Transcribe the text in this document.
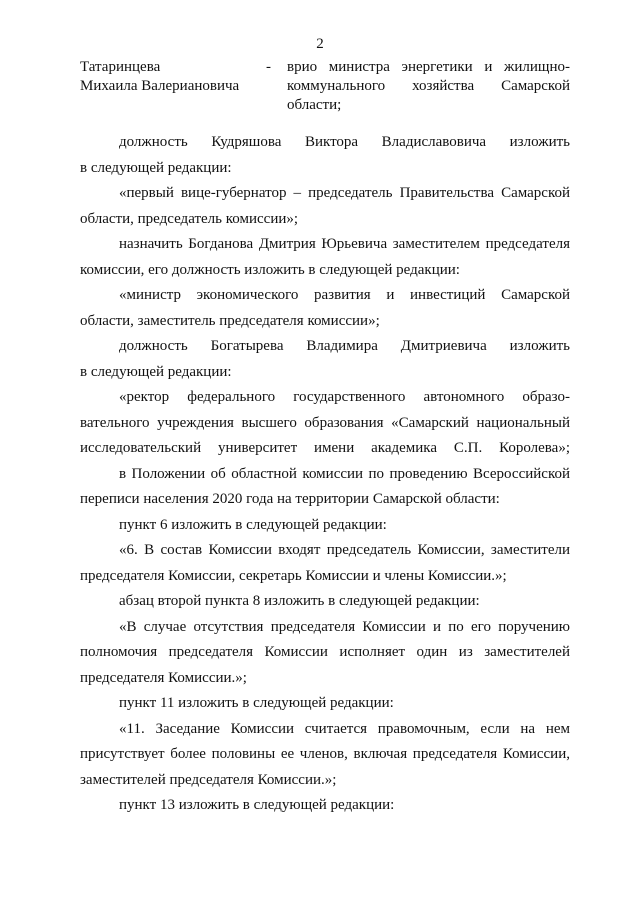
2
Татаринцева
Михаила Валериановича
- врио министра энергетики и жилищно-
коммунального хозяйства Самарской
области;

должность Кудряшова Виктора Владиславовича изложить

в следующей редакции:

«первый вице-губернатор – председатель Правительства Самарской

области, председатель комиссии»;

назначить Богданова Дмитрия Юрьевича заместителем председателя

комиссии, его должность изложить в следующей редакции:

«министр экономического развития и инвестиций Самарской

области, заместитель председателя комиссии»;

должность Богатырева Владимира Дмитриевича изложить

в следующей редакции:

«ректор федерального государственного автономного образо-

вательного учреждения высшего образования «Самарский национальный

исследовательский университет имени академика С.П. Королева»;

в Положении об областной комиссии по проведению Всероссийской

переписи населения 2020 года на территории Самарской области:

пункт 6 изложить в следующей редакции:

«6. В состав Комиссии входят председатель Комиссии, заместители

председателя Комиссии, секретарь Комиссии и члены Комиссии.»;

абзац второй пункта 8 изложить в следующей редакции:

«В случае отсутствия председателя Комиссии и по его поручению

полномочия председателя Комиссии исполняет один из заместителей

председателя Комиссии.»;

пункт 11 изложить в следующей редакции:

«11. Заседание Комиссии считается правомочным, если на нем

присутствует более половины ее членов, включая председателя Комиссии,

заместителей председателя Комиссии.»;

пункт 13 изложить в следующей редакции:
